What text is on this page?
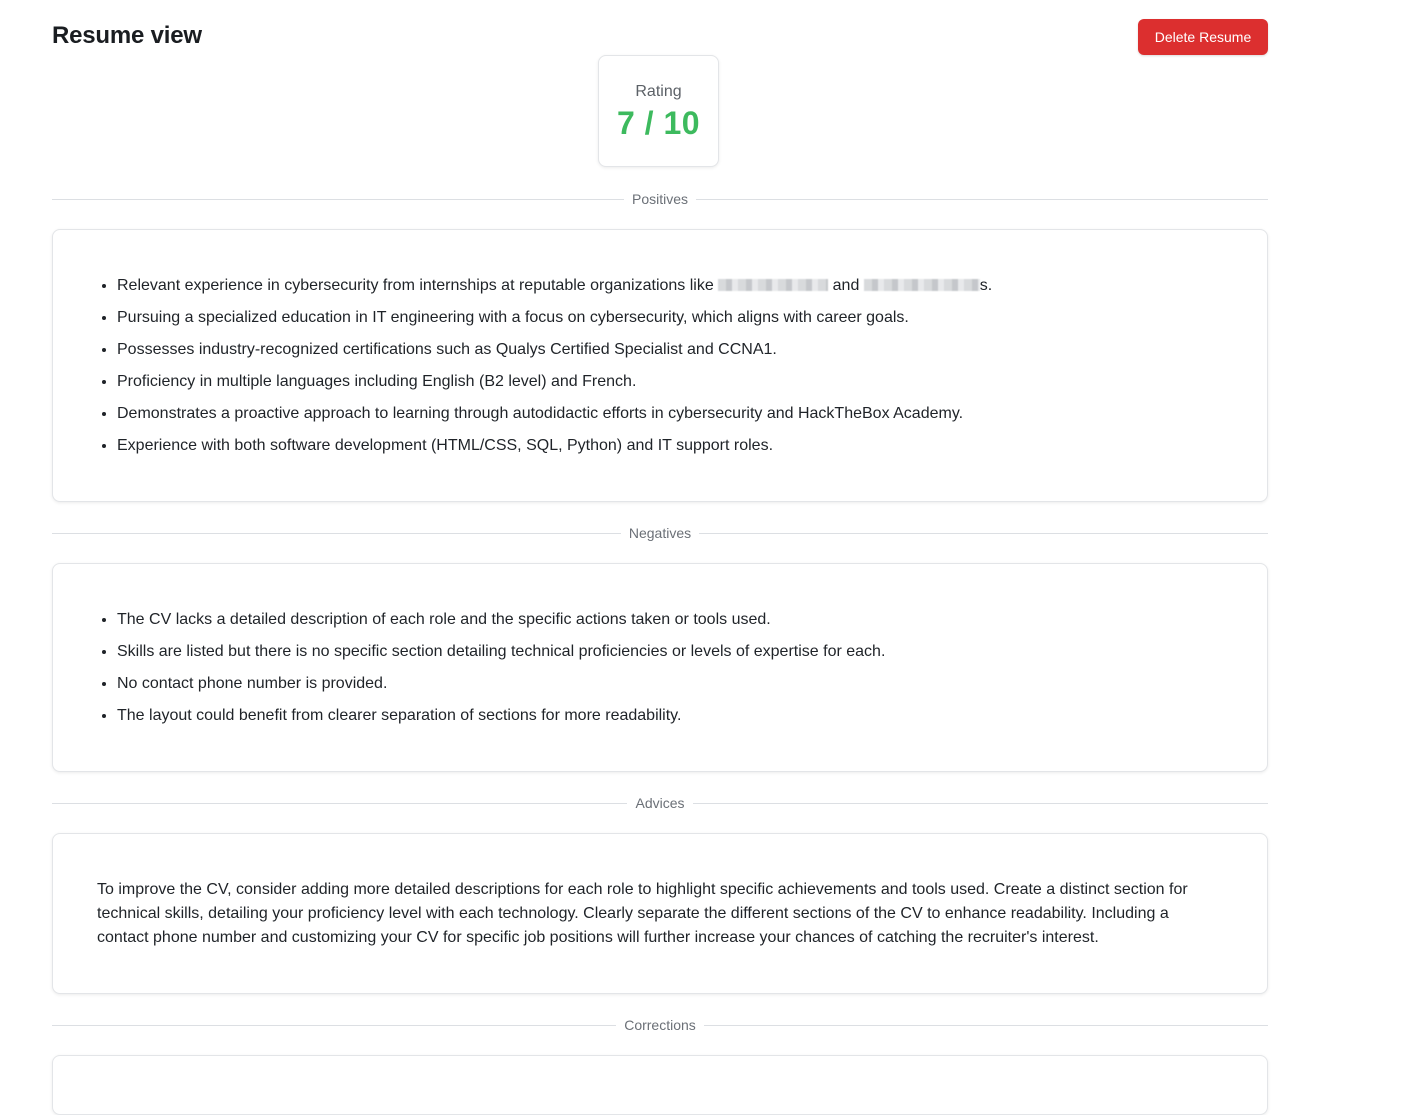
Resume view	Delete Resume
Rating
7 / 10
Positives
• Relevant experience in cybersecurity from internships at reputable organizations like	and	s.
• Pursuing a specialized education in IT engineering with a focus on cybersecurity, which aligns with career goals.
• Possesses industry-recognized certifications such as Qualys Certified Specialist and CCNA1.
• Proficiency in multiple languages including English (B2 level) and French.
• Demonstrates a proactive approach to learning through autodidactic efforts in cybersecurity and HackTheBox Academy.
• Experience with both software development (HTML/CSS, SQL, Python) and IT support roles.
Negatives
• The CV lacks a detailed description of each role and the specific actions taken or tools used.
• Skills are listed but there is no specific section detailing technical proficiencies or levels of expertise for each.
• No contact phone number is provided.
• The layout could benefit from clearer separation of sections for more readability.
Advices

To improve the CV, consider adding more detailed descriptions for each role to highlight specific achievements and tools used. Create a distinct section for technical skills, detailing your proficiency level with each technology. Clearly separate the different sections of the CV to enhance readability. Including a contact phone number and customizing your CV for specific job positions will further increase your chances of catching the recruiter's interest.

Corrections
